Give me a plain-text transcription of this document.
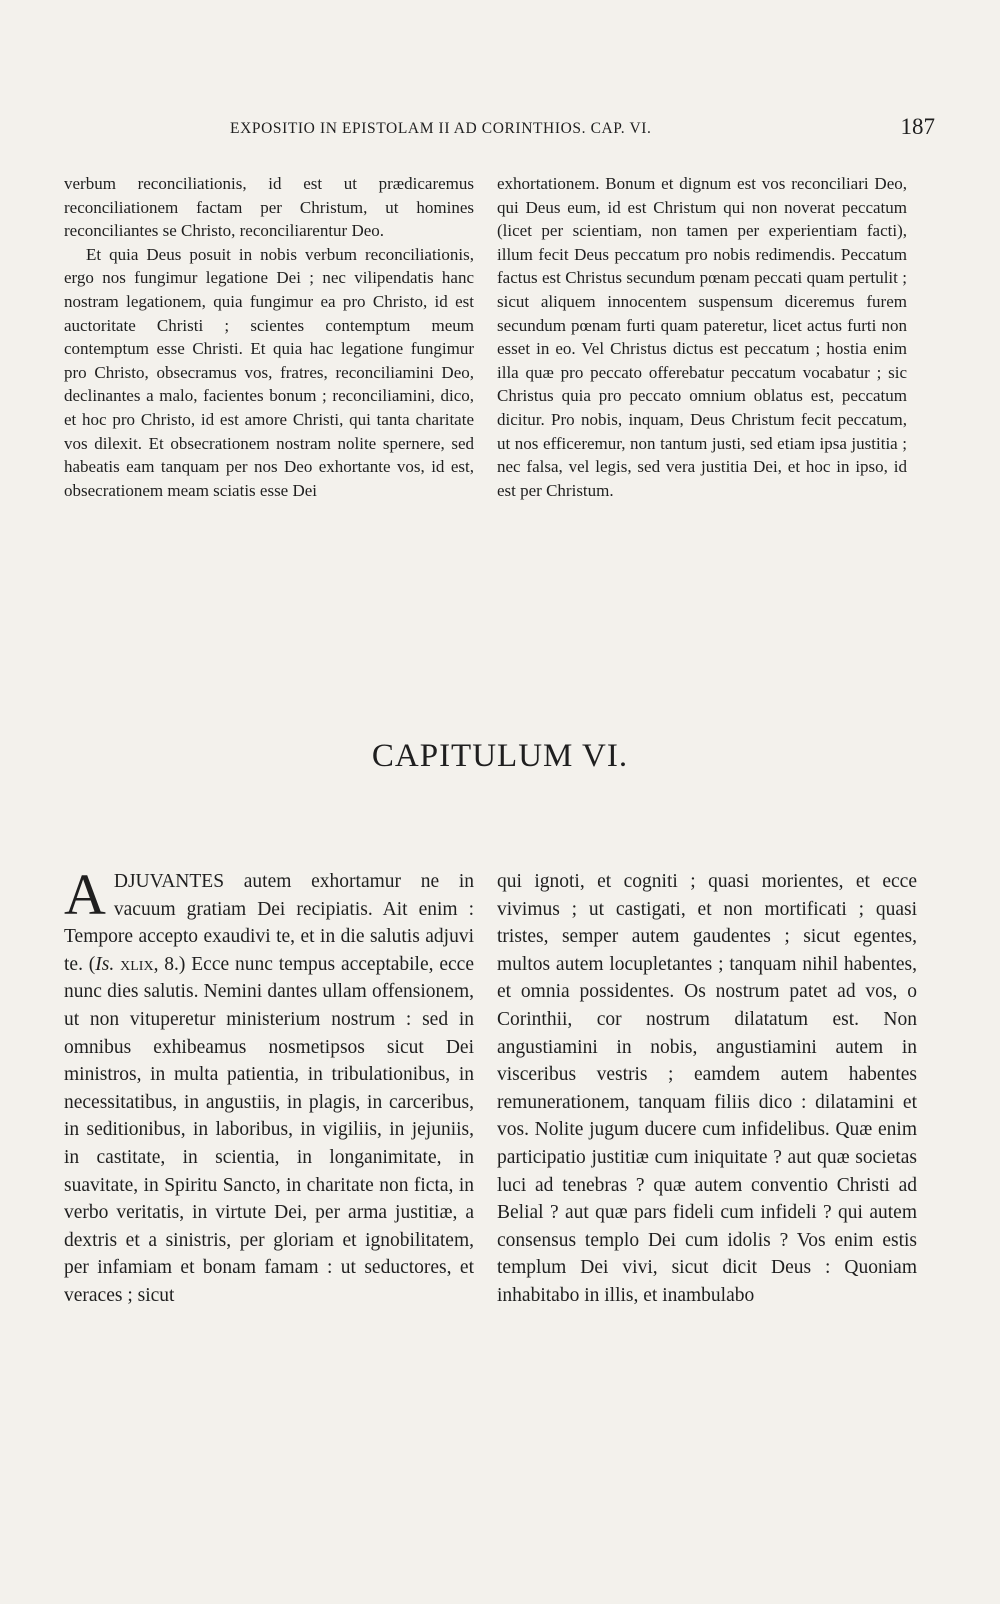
EXPOSITIO IN EPISTOLAM II AD CORINTHIOS. CAP. VI.	187

verbum reconciliationis, id est ut prædicaremus reconciliationem factam per Christum, ut homines reconciliantes se Christo, reconciliarentur Deo.

Et quia Deus posuit in nobis verbum reconciliationis, ergo nos fungimur legatione Dei ; nec vilipendatis hanc nostram legationem, quia fungimur ea pro Christo, id est auctoritate Christi ; scientes contemptum meum contemptum esse Christi. Et quia hac legatione fungimur pro Christo, obsecramus vos, fratres, reconciliamini Deo, declinantes a malo, facientes bonum ; reconciliamini, dico, et hoc pro Christo, id est amore Christi, qui tanta charitate vos dilexit. Et obsecrationem nostram nolite spernere, sed habeatis eam tanquam per nos Deo exhortante vos, id est, obsecrationem meam sciatis esse Dei

exhortationem. Bonum et dignum est vos reconciliari Deo, qui Deus eum, id est Christum qui non noverat peccatum (licet per scientiam, non tamen per experientiam facti), illum fecit Deus peccatum pro nobis redimendis. Peccatum factus est Christus secundum pœnam peccati quam pertulit ; sicut aliquem innocentem suspensum diceremus furem secundum pœnam furti quam pateretur, licet actus furti non esset in eo. Vel Christus dictus est peccatum ; hostia enim illa quæ pro peccato offerebatur peccatum vocabatur ; sic Christus quia pro peccato omnium oblatus est, peccatum dicitur. Pro nobis, inquam, Deus Christum fecit peccatum, ut nos efficeremur, non tantum justi, sed etiam ipsa justitia ; nec falsa, vel legis, sed vera justitia Dei, et hoc in ipso, id est per Christum.

CAPITULUM VI.

ADJUVANTES autem exhortamur ne in vacuum gratiam Dei recipiatis. Ait enim : Tempore accepto exaudivi te, et in die salutis adjuvi te. (Is. xlix, 8.) Ecce nunc tempus acceptabile, ecce nunc dies salutis. Nemini dantes ullam offensionem, ut non vituperetur ministerium nostrum : sed in omnibus exhibeamus nosmetipsos sicut Dei ministros, in multa patientia, in tribulationibus, in necessitatibus, in angustiis, in plagis, in carceribus, in seditionibus, in laboribus, in vigiliis, in jejuniis, in castitate, in scientia, in longanimitate, in suavitate, in Spiritu Sancto, in charitate non ficta, in verbo veritatis, in virtute Dei, per arma justitiæ, a dextris et a sinistris, per gloriam et ignobilitatem, per infamiam et bonam famam : ut seductores, et veraces ; sicut

qui ignoti, et cogniti ; quasi morientes, et ecce vivimus ; ut castigati, et non mortificati ; quasi tristes, semper autem gaudentes ; sicut egentes, multos autem locupletantes ; tanquam nihil habentes, et omnia possidentes. Os nostrum patet ad vos, o Corinthii, cor nostrum dilatatum est. Non angustiamini in nobis, angustiamini autem in visceribus vestris ; eamdem autem habentes remunerationem, tanquam filiis dico : dilatamini et vos. Nolite jugum ducere cum infidelibus. Quæ enim participatio justitiæ cum iniquitate ? aut quæ societas luci ad tenebras ? quæ autem conventio Christi ad Belial ? aut quæ pars fideli cum infideli ? qui autem consensus templo Dei cum idolis ? Vos enim estis templum Dei vivi, sicut dicit Deus : Quoniam inhabitabo in illis, et inambulabo
